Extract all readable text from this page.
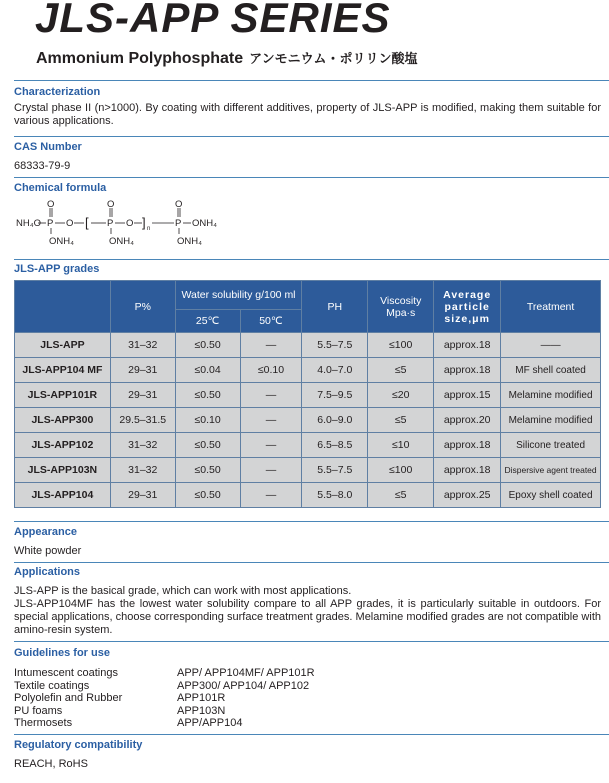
JLS-APP SERIES
Ammonium Polyphosphate アンモニウム・ポリリン酸塩

Characterization

Crystal phase II (n>1000). By coating with different additives, property of JLS-APP is modified, making them suitable for various applications.

CAS Number

68333-79-9

Chemical formula

NH₄O P
O
ONH₄
O [ P
O
ONH₄
O ] n	P
O
ONH₄
ONH₄

JLS-APP grades

	P%	Water solubility g/100 ml		PH	Viscosity Mpa·s	Average particle size,μm	Treatment
		25℃	50℃				
JLS-APP	31–32	≤0.50	—	5.5–7.5	≤100	approx.18	——
JLS-APP104 MF	29–31	≤0.04	≤0.10	4.0–7.0	≤5	approx.18	MF shell coated
JLS-APP101R	29–31	≤0.50	—	7.5–9.5	≤20	approx.15	Melamine modified
JLS-APP300	29.5–31.5	≤0.10	—	6.0–9.0	≤5	approx.20	Melamine modified
JLS-APP102	31–32	≤0.50	—	6.5–8.5	≤10	approx.18	Silicone treated
JLS-APP103N	31–32	≤0.50	—	5.5–7.5	≤100	approx.18	Dispersive agent treated
JLS-APP104	29–31	≤0.50	—	5.5–8.0	≤5	approx.25	Epoxy shell coated

Appearance

White powder

Applications

JLS-APP is the basical grade, which can work with most applications.

JLS-APP104MF has the lowest water solubility compare to all APP grades, it is particularly suitable in outdoors. For special applications, choose corresponding surface treatment grades. Melamine modified grades are not compatible with amino-resin system.

Guidelines for use

Intumescent coatings	APP/ APP104MF/ APP101R
Textile coatings	APP300/ APP104/ APP102
Polyolefin and Rubber	APP101R
PU foams	APP103N
Thermosets	APP/APP104

Regulatory compatibility

REACH, RoHS
